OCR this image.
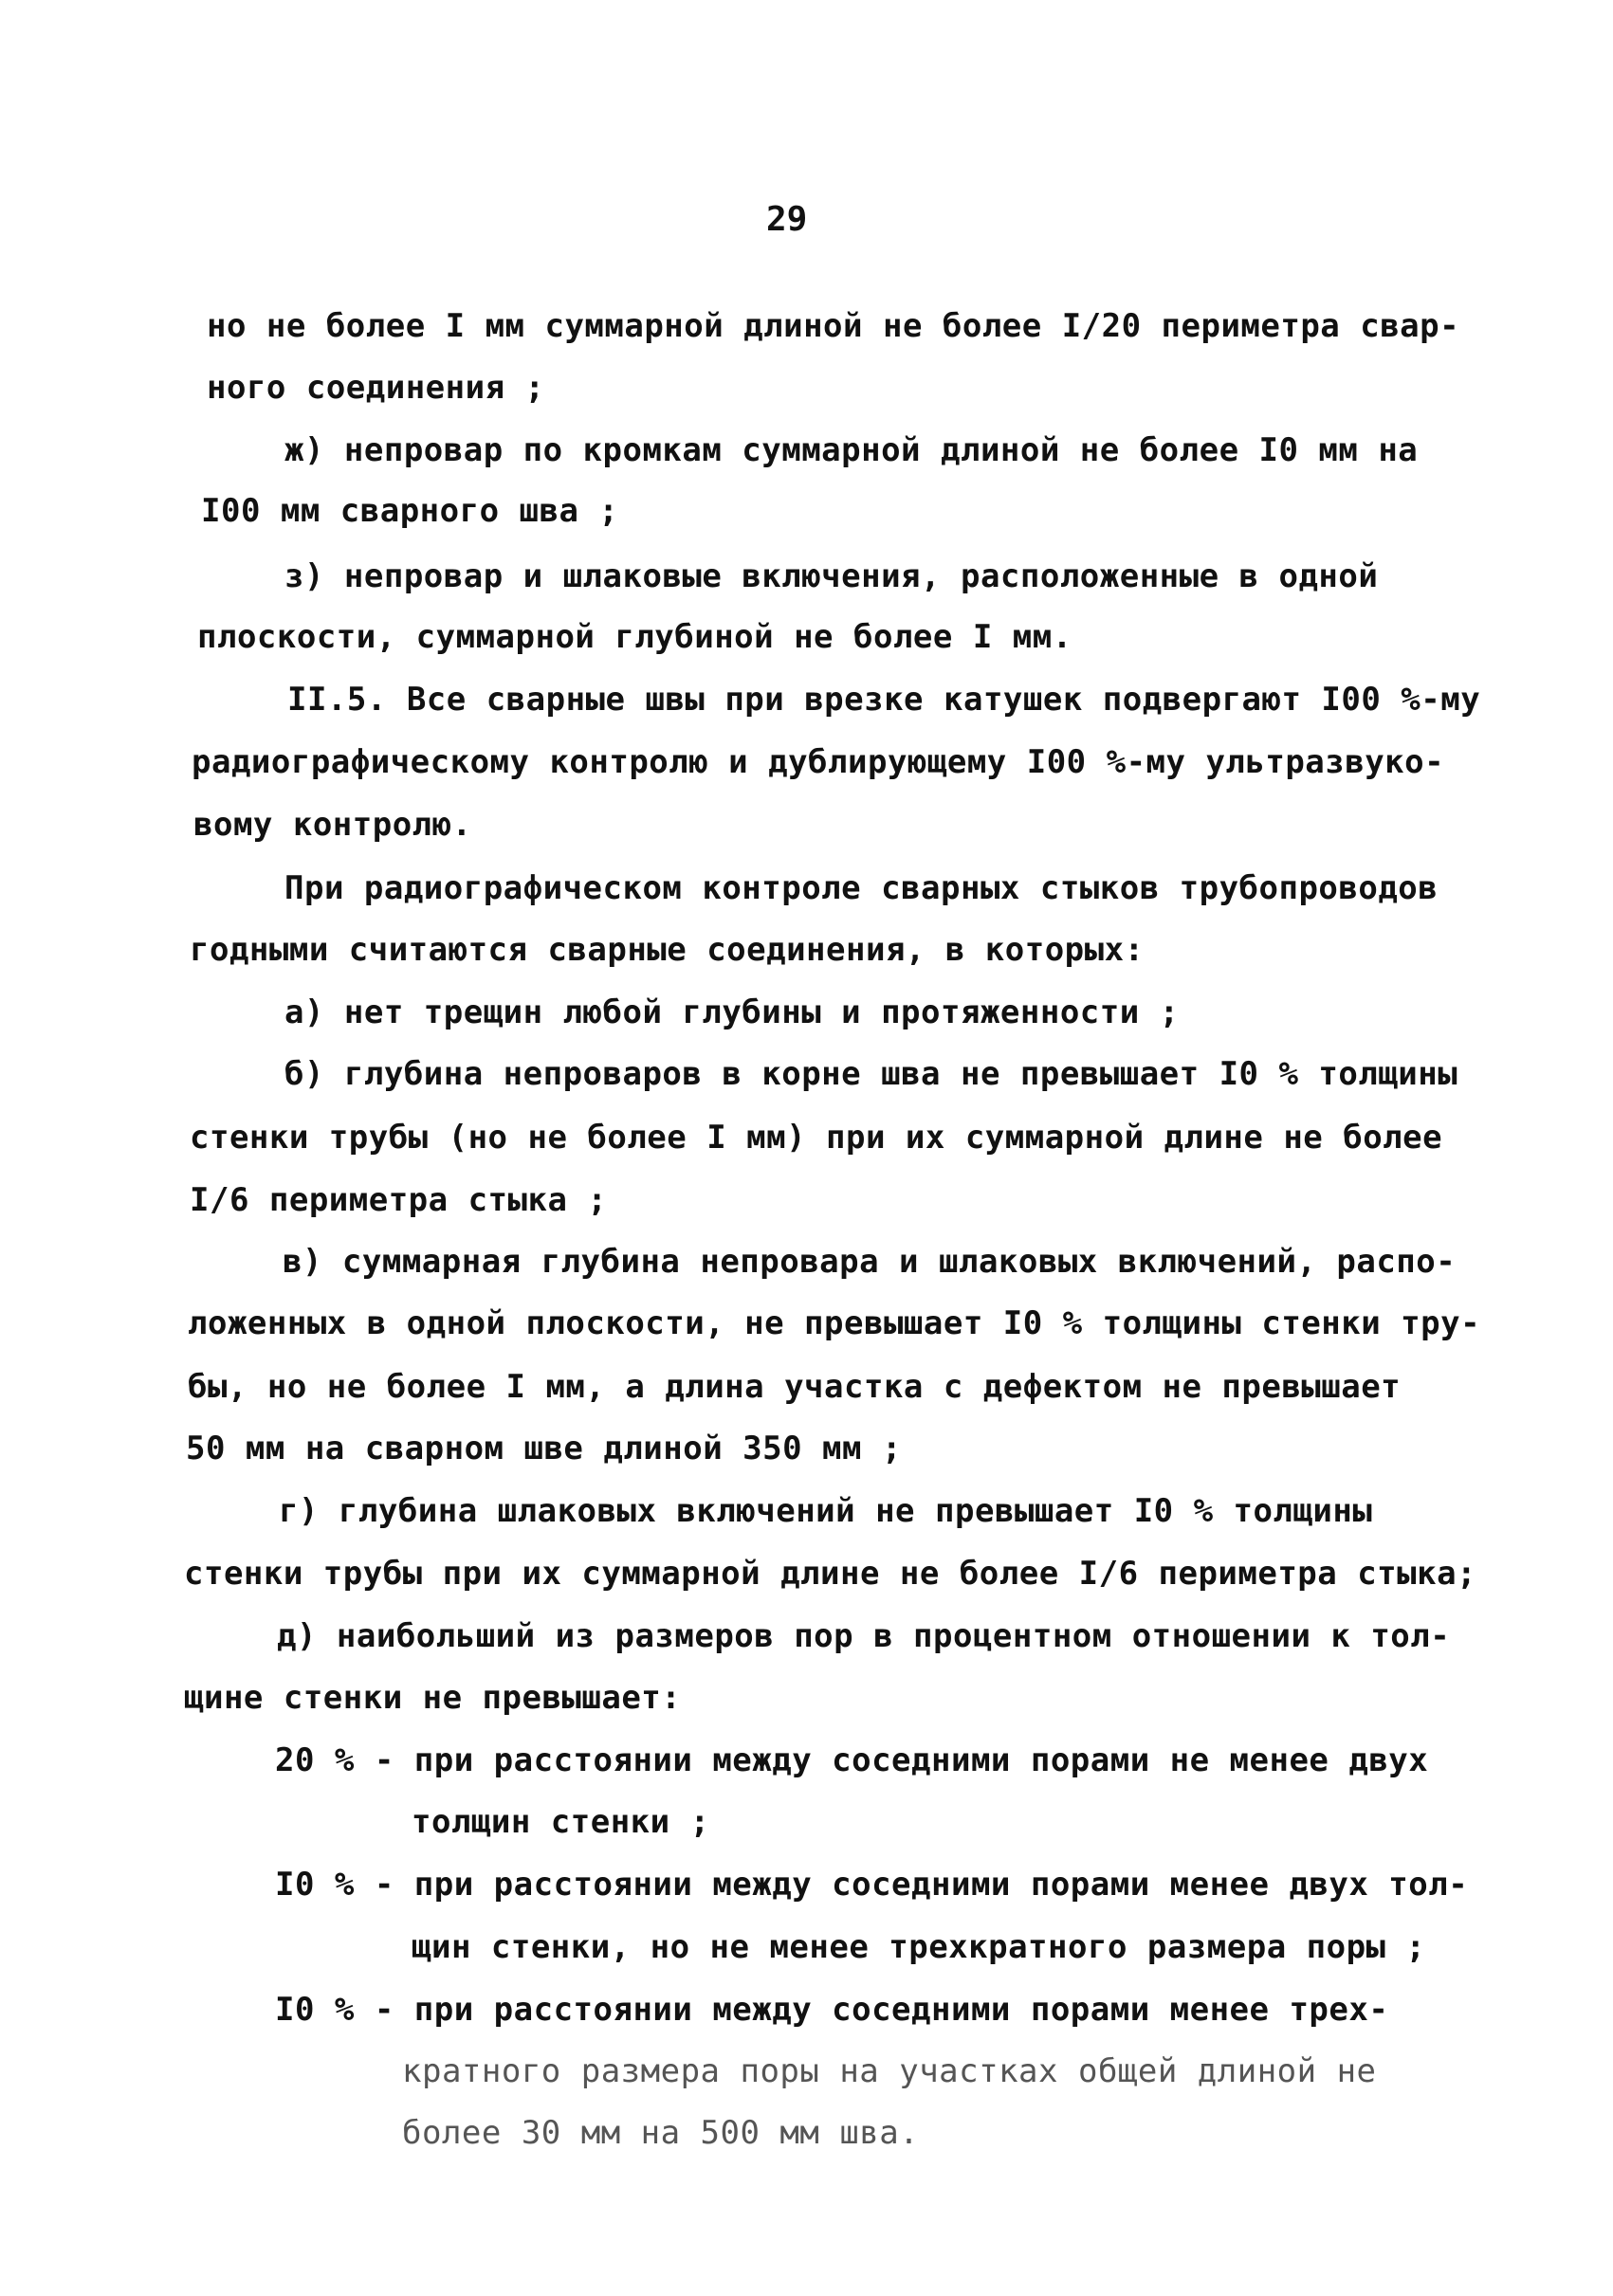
29
но не более I мм суммарной длиной не более I/20 периметра свар-
ного соединения ;
ж) непровар по кромкам суммарной длиной не более I0 мм на
I00 мм сварного шва ;
з) непровар и шлаковые включения, расположенные в одной
плоскости, суммарной глубиной не более I мм.
II.5. Все сварные швы при врезке катушек подвергают I00 %-му
радиографическому контролю и дублирующему I00 %-му ультразвуко-
вому контролю.
При радиографическом контроле сварных стыков трубопроводов
годными считаются сварные соединения, в которых:
а) нет трещин любой глубины и протяженности ;
б) глубина непроваров в корне шва не превышает I0 % толщины
стенки трубы (но не более I мм) при их суммарной длине не более
I/6 периметра стыка ;
в) суммарная глубина непровара и шлаковых включений, распо-
ложенных в одной плоскости, не превышает I0 % толщины стенки тру-
бы, но не более I мм, а длина участка с дефектом не превышает
50 мм на сварном шве длиной 350 мм ;
г) глубина шлаковых включений не превышает I0 % толщины
стенки трубы при их суммарной длине не более I/6 периметра стыка;
д) наибольший из размеров пор в процентном отношении к тол-
щине стенки не превышает:
20 % - при расстоянии между соседними порами не менее двух
толщин стенки ;
I0 % - при расстоянии между соседними порами менее двух тол-
щин стенки, но не менее трехкратного размера поры ;
I0 % - при расстоянии между соседними порами менее трех-
кратного размера поры на участках общей длиной не
более 30 мм на 500 мм шва.
